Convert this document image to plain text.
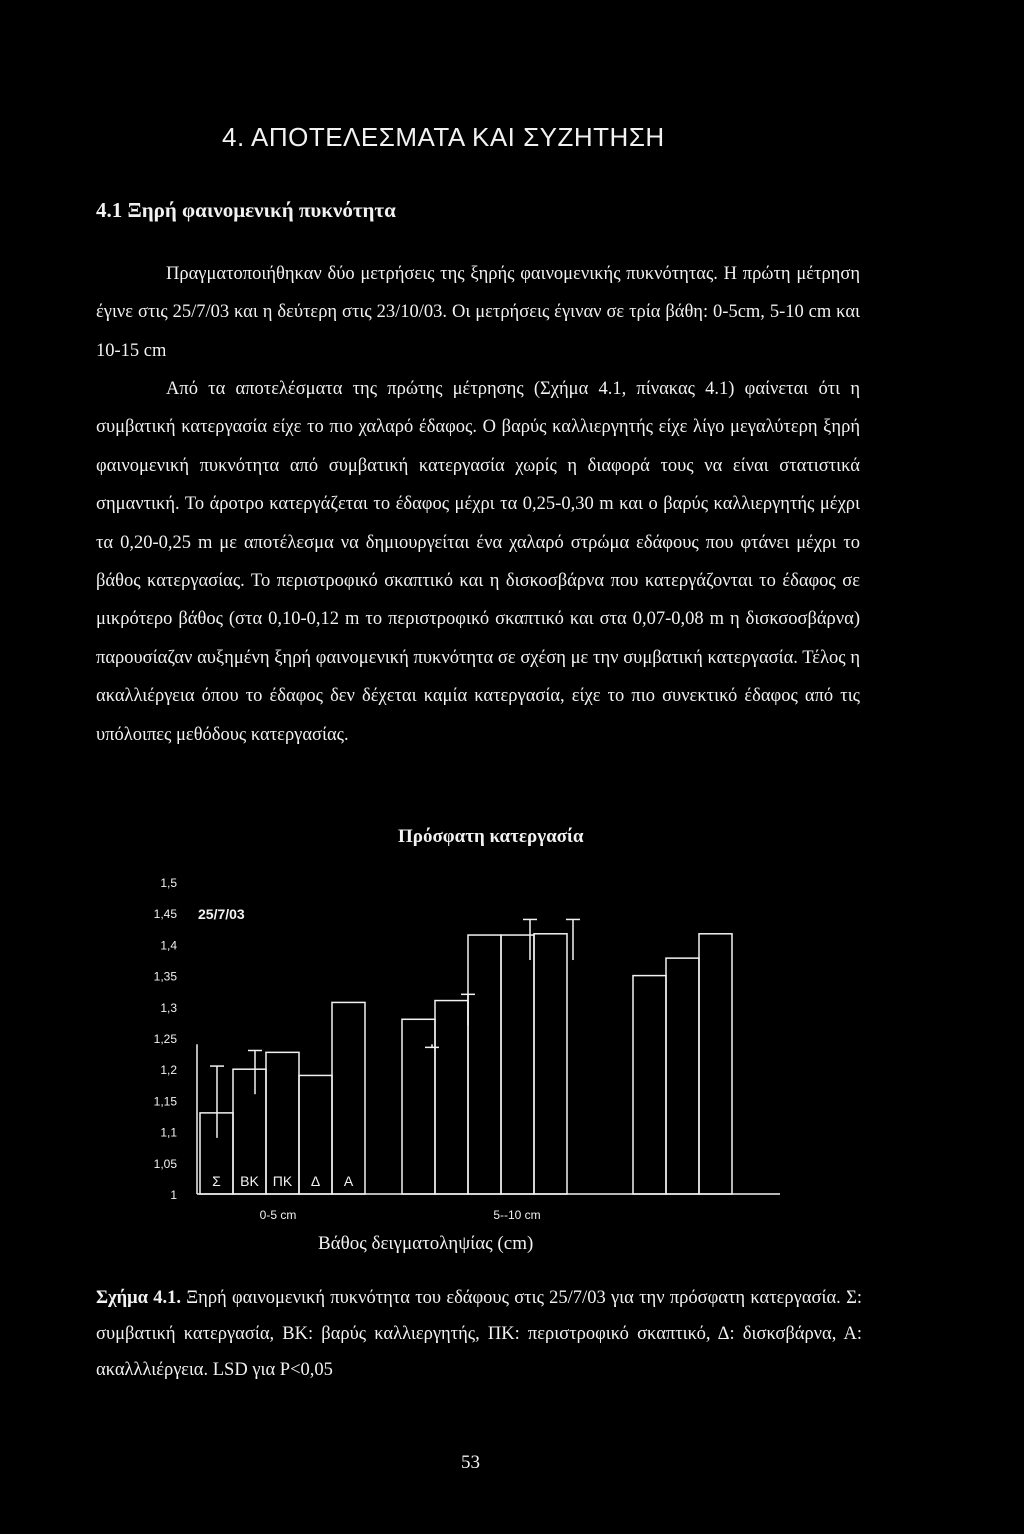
4. ΑΠΟΤΕΛΕΣΜΑΤΑ ΚΑΙ ΣΥΖΗΤΗΣΗ
4.1 Ξηρή φαινομενική πυκνότητα

Πραγματοποιήθηκαν δύο μετρήσεις της ξηρής φαινομενικής πυκνότητας. Η πρώτη μέτρηση έγινε στις 25/7/03 και η δεύτερη στις 23/10/03. Οι μετρήσεις έγιναν σε τρία βάθη: 0-5cm, 5-10 cm και 10-15 cm

Από τα αποτελέσματα της πρώτης μέτρησης (Σχήμα 4.1, πίνακας 4.1) φαίνεται ότι η συμβατική κατεργασία είχε το πιο χαλαρό έδαφος. Ο βαρύς καλλιεργητής είχε λίγο μεγαλύτερη ξηρή φαινομενική πυκνότητα από συμβατική κατεργασία χωρίς η διαφορά τους να είναι στατιστικά σημαντική. Το άροτρο κατεργάζεται το έδαφος μέχρι τα 0,25-0,30 m και ο βαρύς καλλιεργητής μέχρι τα 0,20-0,25 m με αποτέλεσμα να δημιουργείται ένα χαλαρό στρώμα εδάφους που φτάνει μέχρι το βάθος κατεργασίας. Το περιστροφικό σκαπτικό και η δισκοσβάρνα που κατεργάζονται το έδαφος σε μικρότερο βάθος (στα 0,10-0,12 m το περιστροφικό σκαπτικό και στα 0,07-0,08 m η δισκσοσβάρνα) παρουσίαζαν αυξημένη ξηρή φαινομενική πυκνότητα σε σχέση με την συμβατική κατεργασία. Τέλος η ακαλλιέργεια όπου το έδαφος δεν δέχεται καμία κατεργασία, είχε το πιο συνεκτικό έδαφος από τις υπόλοιπες μεθόδους κατεργασίας.

Πρόσφατη κατεργασία
1,5
1,45
1,4
1,35
1,3
1,25
1,2
1,15
1,1
1,05
1
25/7/03
Σ ΒΚ ΠΚ Δ Α
0-5 cm	5--10 cm
Βάθος δειγματοληψίας (cm)
Σχήμα 4.1. Ξηρή φαινομενική πυκνότητα του εδάφους στις 25/7/03 για την πρόσφατη κατεργασία. Σ: συμβατική κατεργασία, ΒΚ: βαρύς καλλιεργητής, ΠΚ: περιστροφικό σκαπτικό, Δ: δισκσβάρνα, Α: ακαλλλιέργεια. LSD για P<0,05
53
